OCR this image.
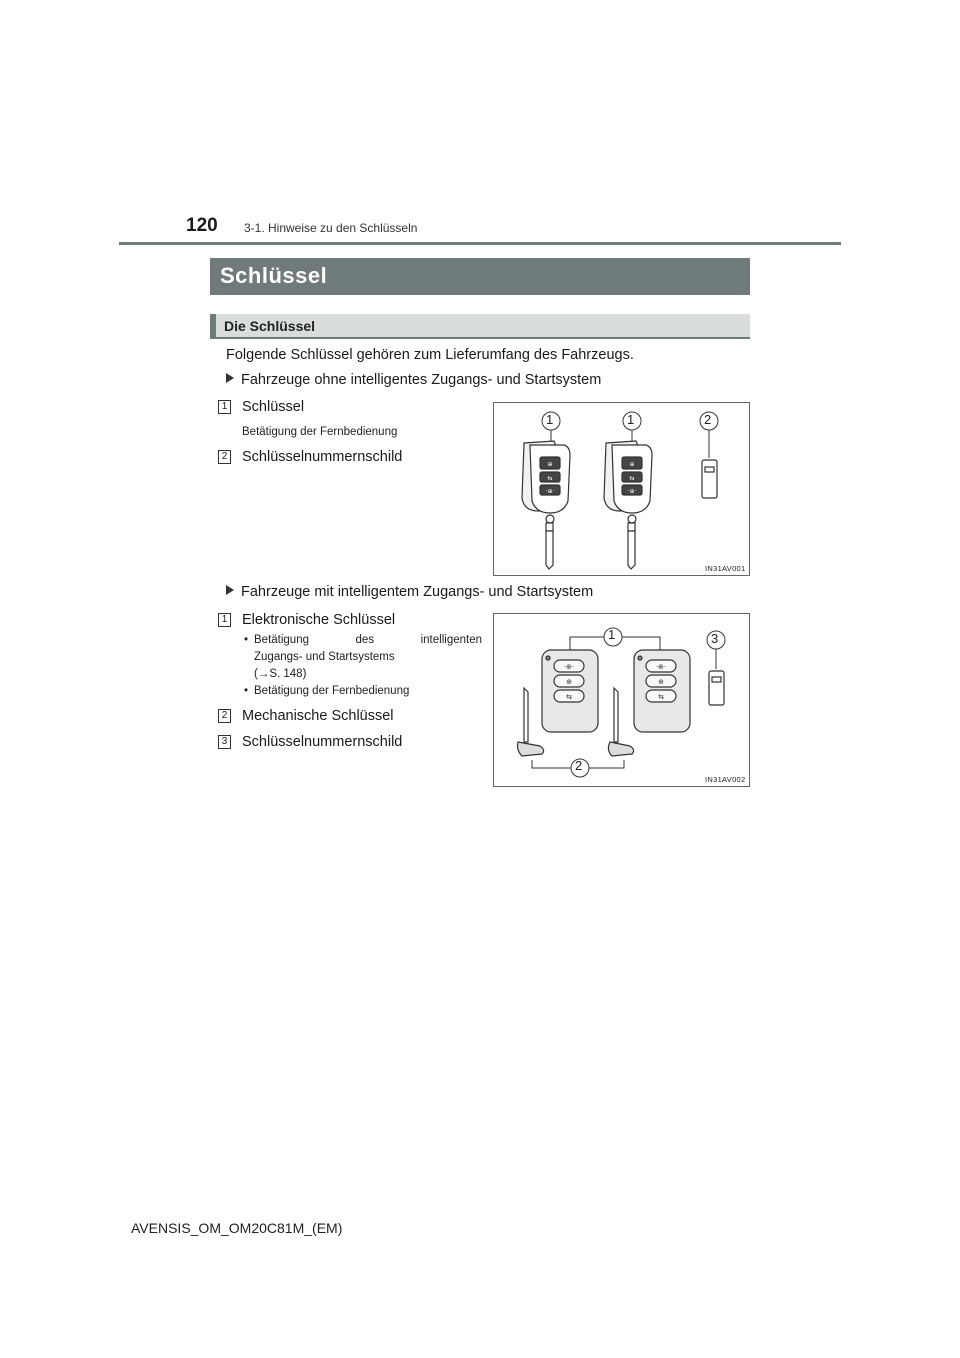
120 3-1. Hinweise zu den Schlüsseln
Schlüssel
Die Schlüssel
Folgende Schlüssel gehören zum Lieferumfang des Fahrzeugs.
Fahrzeuge ohne intelligentes Zugangs- und Startsystem
1 Schlüssel
Betätigung der Fernbedienung
2 Schlüsselnummernschild	⊕
⇆
·⊕·
⊕
⇆
·⊕·
1	1	2
IN31AV001
Fahrzeuge mit intelligentem Zugangs- und Startsystem
1 Elektronische Schlüssel
• Betätigung des intelligenten
Zugangs- und Startsystems
(→S. 148)
• Betätigung der Fernbedienung
2 Mechanische Schlüssel
3 Schlüsselnummernschild
·⊕·
⊕
⇆
·⊕·
⊕
⇆
1
2
3
IN31AV002
AVENSIS_OM_OM20C81M_(EM)
